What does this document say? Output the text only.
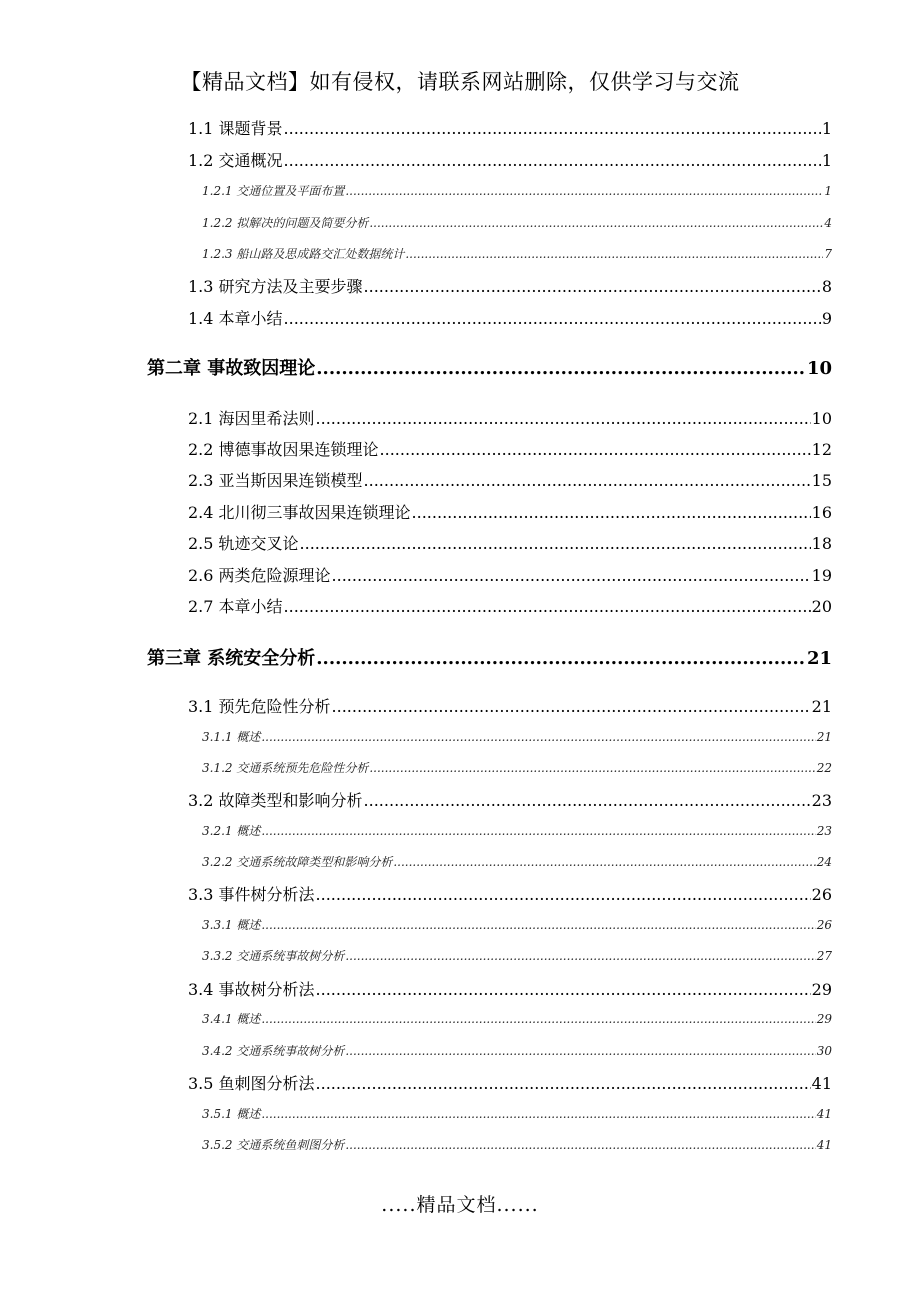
【精品文档】如有侵权，请联系网站删除，仅供学习与交流
1.1 课题背景 .....	1
1.2 交通概况 .....	1
1.2.1 交通位置及平面布置 .....	1
1.2.2 拟解决的问题及简要分析 .....	4
1.2.3 船山路及思成路交汇处数据统计 .....	7
1.3 研究方法及主要步骤 .....	8
1.4 本章小结 .....	9
第二章 事故致因理论 .....	10
2.1 海因里希法则 .....	10
2.2 博德事故因果连锁理论 .....	12
2.3 亚当斯因果连锁模型 .....	15
2.4 北川彻三事故因果连锁理论 .....	16
2.5 轨迹交叉论 .....	18
2.6 两类危险源理论 .....	19
2.7 本章小结 .....	20
第三章 系统安全分析 .....	21
3.1 预先危险性分析 .....	21
3.1.1 概述 .....	21
3.1.2 交通系统预先危险性分析 .....	22
3.2 故障类型和影响分析 .....	23
3.2.1 概述 .....	23
3.2.2 交通系统故障类型和影响分析 .....	24
3.3 事件树分析法 .....	26
3.3.1 概述 .....	26
3.3.2 交通系统事故树分析 .....	27
3.4 事故树分析法 .....	29
3.4.1 概述 .....	29
3.4.2 交通系统事故树分析 .....	30
3.5 鱼刺图分析法 .....	41
3.5.1 概述 .....	41
3.5.2 交通系统鱼刺图分析 .....	41
.....精品文档......
